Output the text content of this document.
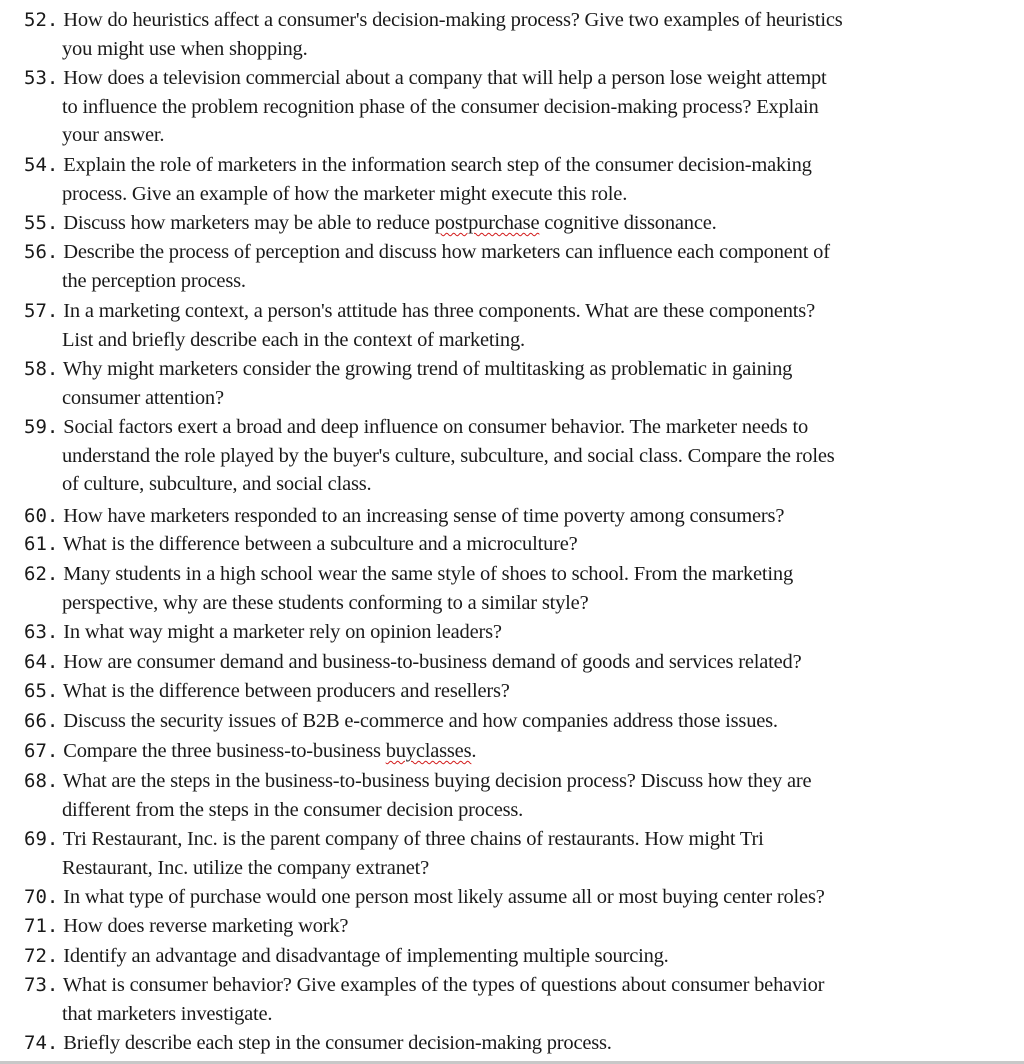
52. How do heuristics affect a consumer's decision-making process? Give two examples of heuristics
you might use when shopping.
53. How does a television commercial about a company that will help a person lose weight attempt
to influence the problem recognition phase of the consumer decision-making process? Explain
your answer.
54. Explain the role of marketers in the information search step of the consumer decision-making
process. Give an example of how the marketer might execute this role.
55. Discuss how marketers may be able to reduce postpurchase cognitive dissonance.
56. Describe the process of perception and discuss how marketers can influence each component of
the perception process.
57. In a marketing context, a person's attitude has three components. What are these components?
List and briefly describe each in the context of marketing.
58. Why might marketers consider the growing trend of multitasking as problematic in gaining
consumer attention?
59. Social factors exert a broad and deep influence on consumer behavior. The marketer needs to
understand the role played by the buyer's culture, subculture, and social class. Compare the roles
of culture, subculture, and social class.
60. How have marketers responded to an increasing sense of time poverty among consumers?
61. What is the difference between a subculture and a microculture?
62. Many students in a high school wear the same style of shoes to school. From the marketing
perspective, why are these students conforming to a similar style?
63. In what way might a marketer rely on opinion leaders?
64. How are consumer demand and business-to-business demand of goods and services related?
65. What is the difference between producers and resellers?
66. Discuss the security issues of B2B e-commerce and how companies address those issues.
67. Compare the three business-to-business buyclasses.
68. What are the steps in the business-to-business buying decision process? Discuss how they are
different from the steps in the consumer decision process.
69. Tri Restaurant, Inc. is the parent company of three chains of restaurants. How might Tri
Restaurant, Inc. utilize the company extranet?
70. In what type of purchase would one person most likely assume all or most buying center roles?
71. How does reverse marketing work?
72. Identify an advantage and disadvantage of implementing multiple sourcing.
73. What is consumer behavior? Give examples of the types of questions about consumer behavior
that marketers investigate.
74. Briefly describe each step in the consumer decision-making process.
